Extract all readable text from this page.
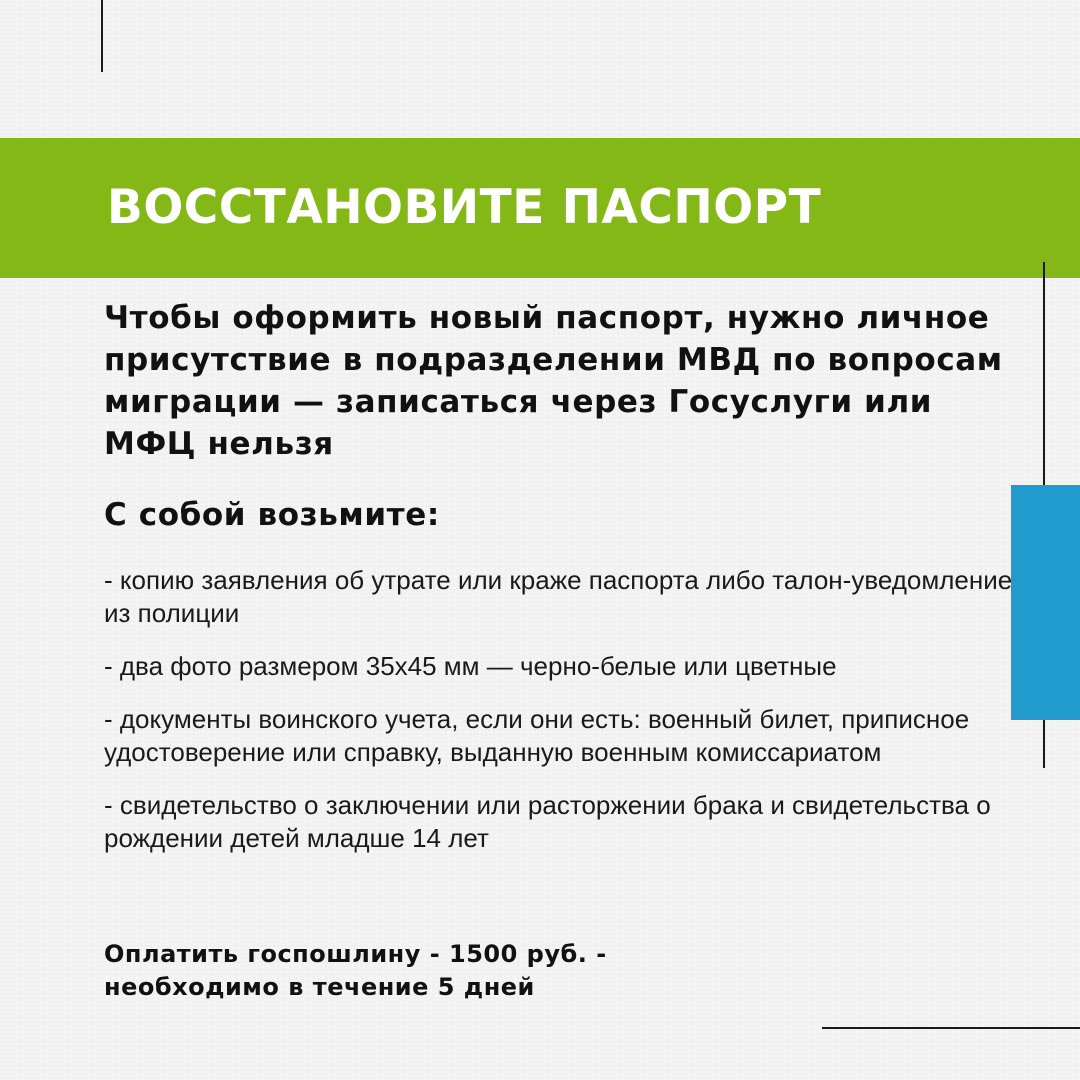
ВОССТАНОВИТЕ ПАСПОРТ

Чтобы оформить новый паспорт, нужно личное присутствие в подразделении МВД по вопросам миграции — записаться через Госуслуги или МФЦ нельзя

С собой возьмите:
- копию заявления об утрате или краже паспорта либо талон-уведомление из полиции
- два фото размером 35х45 мм — черно-белые или цветные
- документы воинского учета, если они есть: военный билет, приписное удостоверение или справку, выданную военным комиссариатом
- свидетельство о заключении или расторжении брака и свидетельства о рождении детей младше 14 лет

Оплатить госпошлину - 1500 руб. -
необходимо в течение 5 дней
